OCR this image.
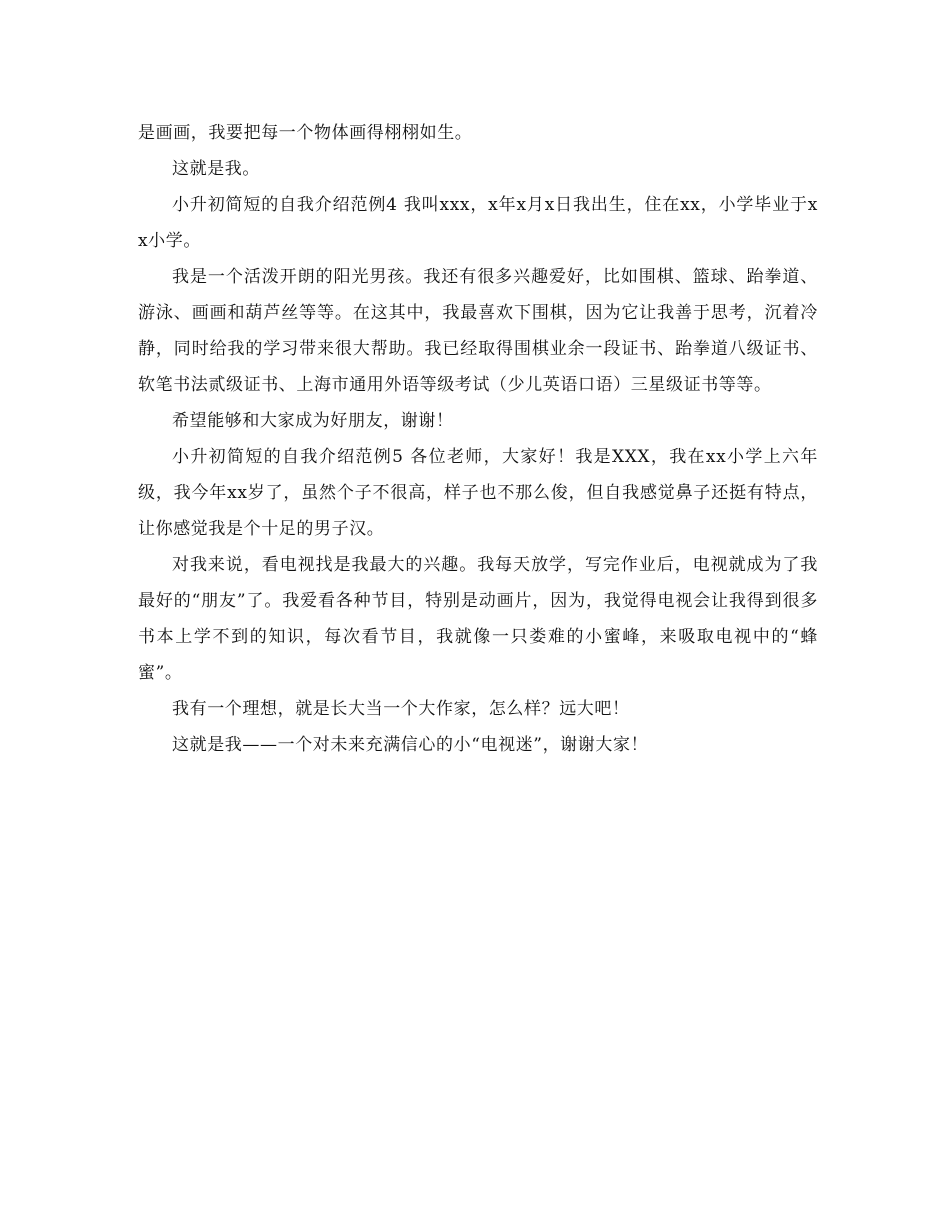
是画画，我要把每一个物体画得栩栩如生。

这就是我。

小升初简短的自我介绍范例4 我叫xxx，x年x月x日我出生，住在xx，小学毕业于xx小学。

我是一个活泼开朗的阳光男孩。我还有很多兴趣爱好，比如围棋、篮球、跆拳道、游泳、画画和葫芦丝等等。在这其中，我最喜欢下围棋，因为它让我善于思考，沉着冷静，同时给我的学习带来很大帮助。我已经取得围棋业余一段证书、跆拳道八级证书、软笔书法贰级证书、上海市通用外语等级考试（少儿英语口语）三星级证书等等。

希望能够和大家成为好朋友，谢谢！

小升初简短的自我介绍范例5 各位老师，大家好！我是XXX，我在xx小学上六年级，我今年xx岁了，虽然个子不很高，样子也不那么俊，但自我感觉鼻子还挺有特点，让你感觉我是个十足的男子汉。

对我来说，看电视找是我最大的兴趣。我每天放学，写完作业后，电视就成为了我最好的“朋友”了。我爱看各种节目，特别是动画片，因为，我觉得电视会让我得到很多书本上学不到的知识，每次看节目，我就像一只娄难的小蜜峰，来吸取电视中的“蜂蜜”。

我有一个理想，就是长大当一个大作家，怎么样？远大吧！

这就是我——一个对未来充满信心的小“电视迷”，谢谢大家！
